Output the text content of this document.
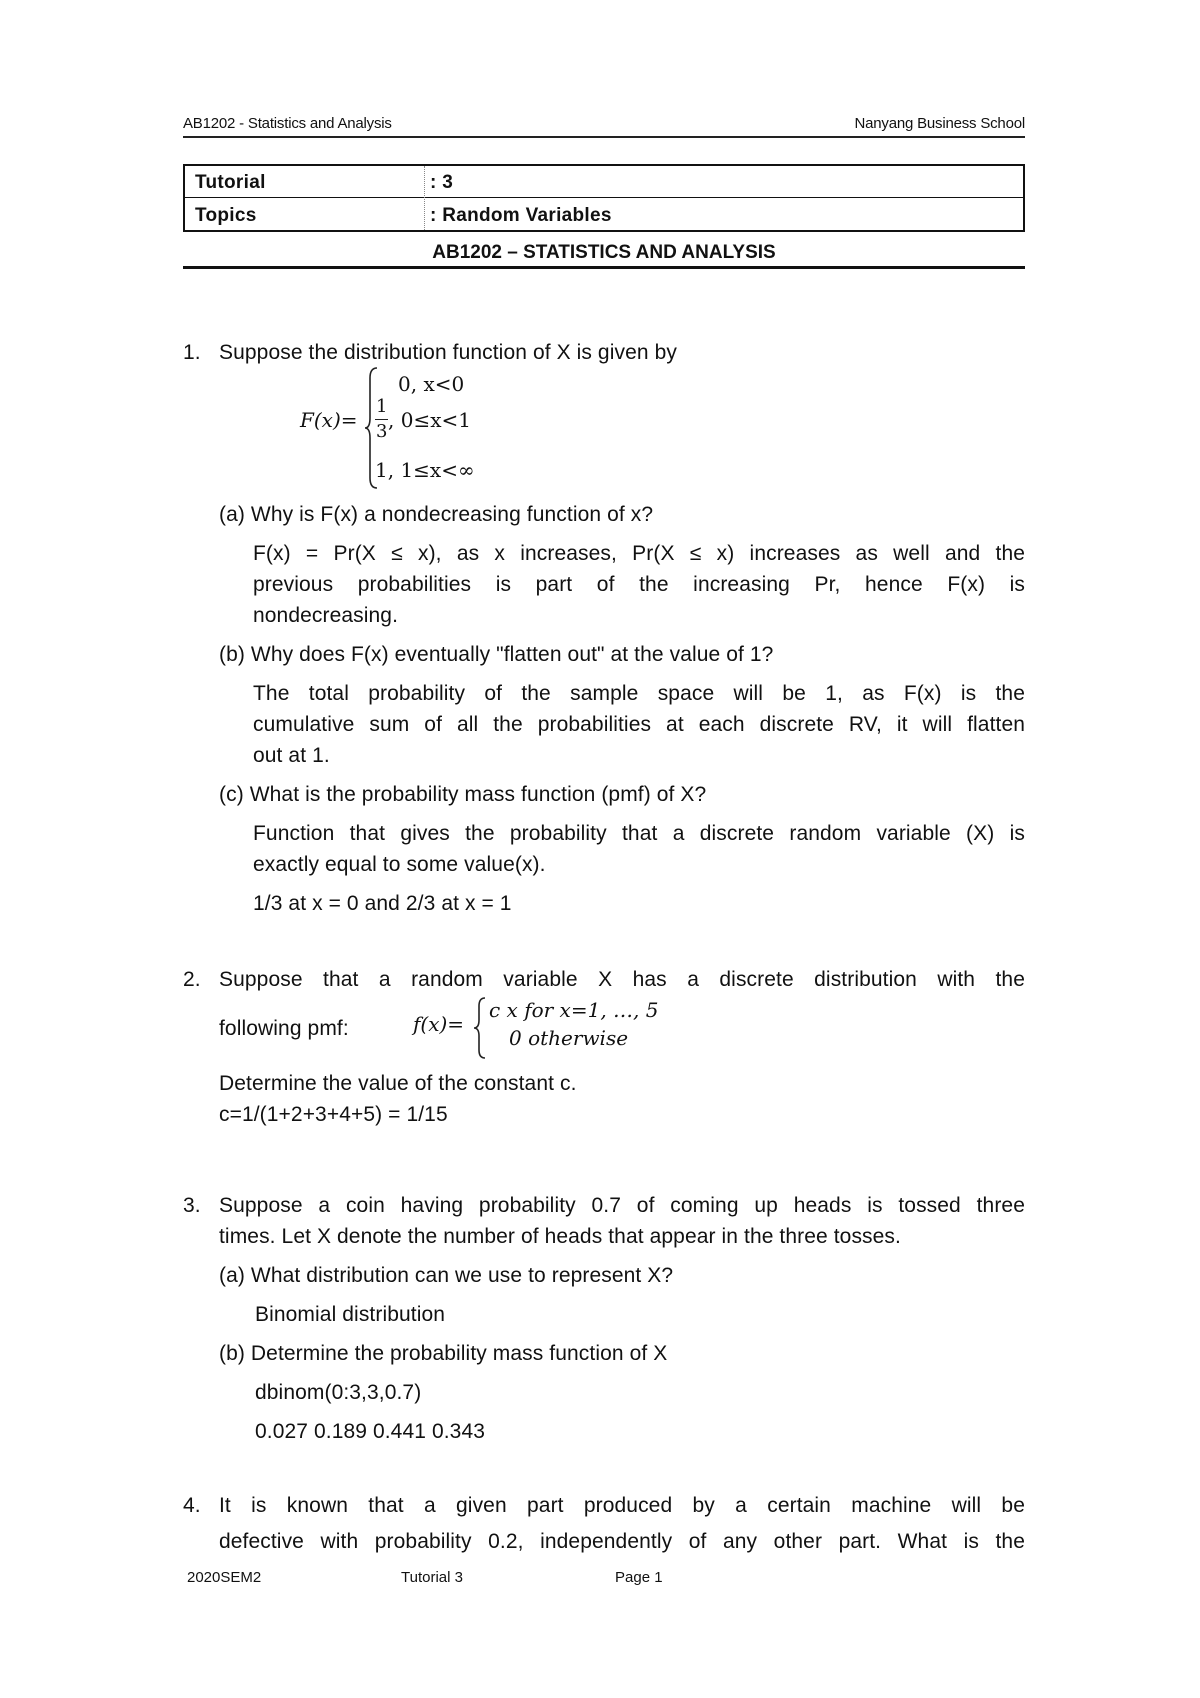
AB1202 - Statistics and Analysis	Nanyang Business School
Tutorial	: 3
Topics	: Random Variables
AB1202 – STATISTICS AND ANALYSIS
1. Suppose the distribution function of X is given by
F(x)=
0, x<0
1
3 , 0≤x<1
1, 1≤x<∞
(a) Why is F(x) a nondecreasing function of x?
F(x) = Pr(X ≤ x), as x increases, Pr(X ≤ x) increases as well and the
previous probabilities is part of the increasing Pr, hence F(x) is
nondecreasing.
(b) Why does F(x) eventually "flatten out" at the value of 1?
The total probability of the sample space will be 1, as F(x) is the
cumulative sum of all the probabilities at each discrete RV, it will flatten
out at 1.
(c) What is the probability mass function (pmf) of X?
Function that gives the probability that a discrete random variable (X) is
exactly equal to some value(x).
1/3 at x = 0 and 2/3 at x = 1
2. Suppose that a random variable X has a discrete distribution with the
following pmf:	f(x)=
c x for x=1, …, 5
0 otherwise
Determine the value of the constant c.
c=1/(1+2+3+4+5) = 1/15
3. Suppose a coin having probability 0.7 of coming up heads is tossed three
times. Let X denote the number of heads that appear in the three tosses.
(a) What distribution can we use to represent X?
Binomial distribution
(b) Determine the probability mass function of X
dbinom(0:3,3,0.7)
0.027 0.189 0.441 0.343
4. It is known that a given part produced by a certain machine will be
defective with probability 0.2, independently of any other part. What is the
2020SEM2	Tutorial 3	Page 1
